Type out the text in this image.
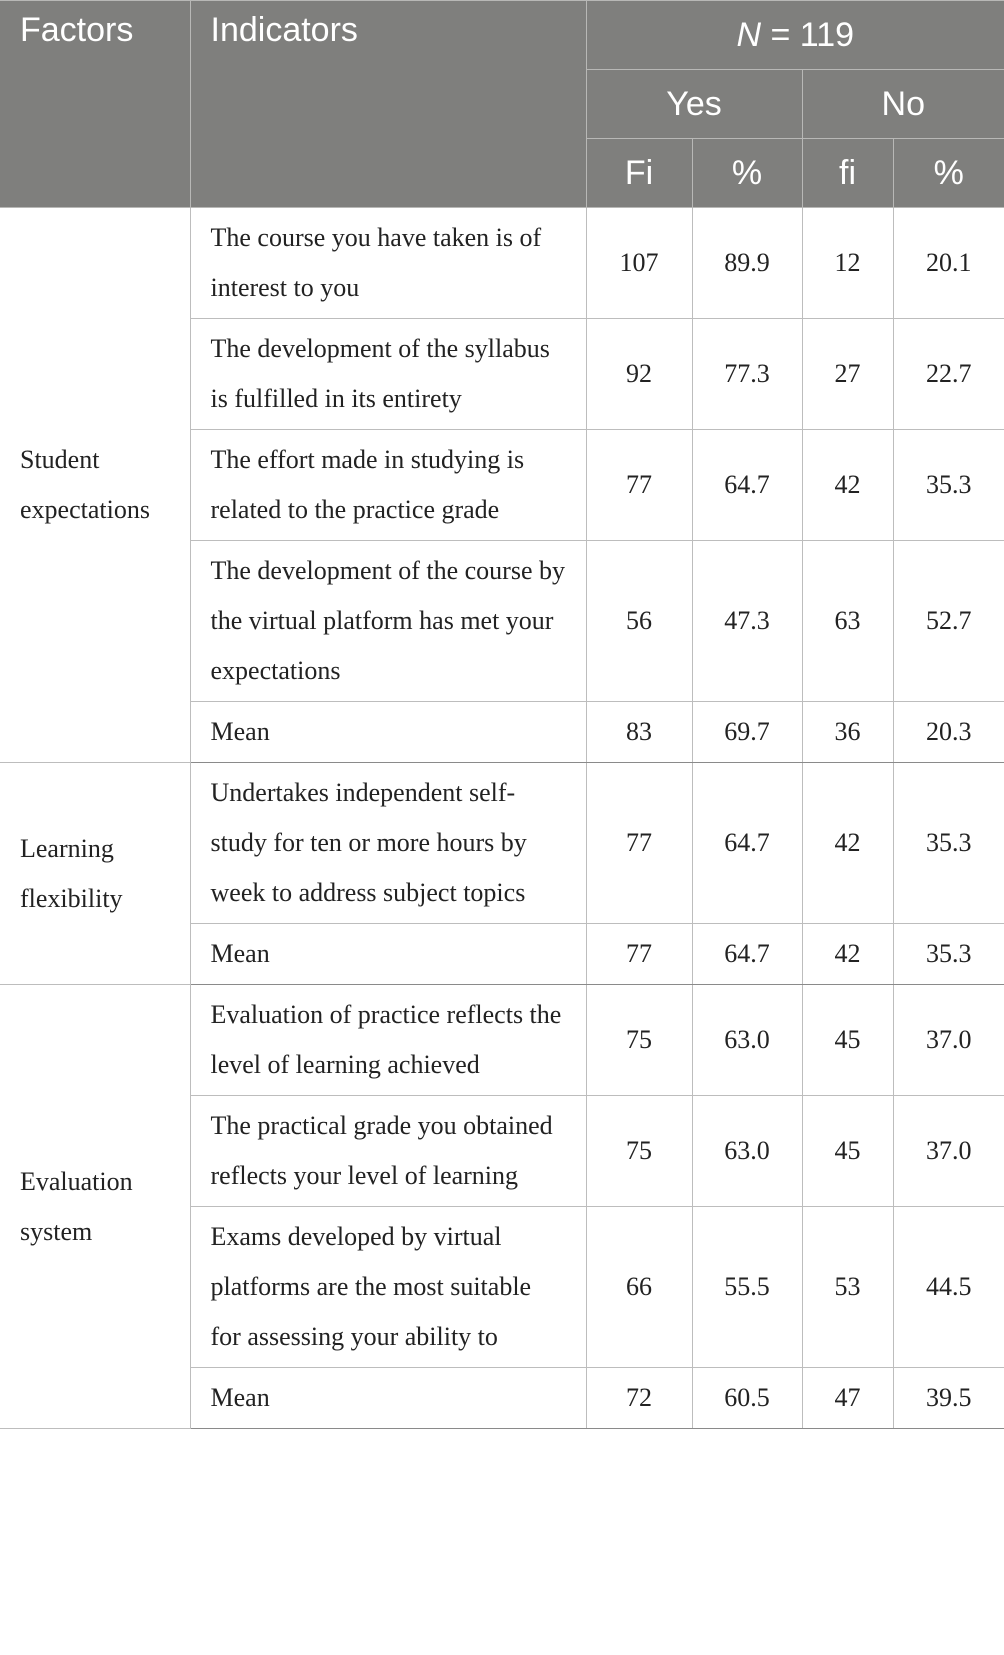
Factors	Indicators	N = 119			
		Yes		No	
		Fi	%	fi	%
Student expectations	The course you have taken is of interest to you	107	89.9	12	20.1
	The development of the syllabus is fulfilled in its entirety	92	77.3	27	22.7
	The effort made in studying is related to the practice grade	77	64.7	42	35.3
	The development of the course by the virtual platform has met your expectations	56	47.3	63	52.7
	Mean	83	69.7	36	20.3
Learning flexibility	Undertakes independent self-study for ten or more hours by week to address subject topics	77	64.7	42	35.3
	Mean	77	64.7	42	35.3
Evaluation system	Evaluation of practice reflects the level of learning achieved	75	63.0	45	37.0
	The practical grade you obtained reflects your level of learning	75	63.0	45	37.0
	Exams developed by virtual platforms are the most suitable for assessing your ability to	66	55.5	53	44.5
	Mean	72	60.5	47	39.5
